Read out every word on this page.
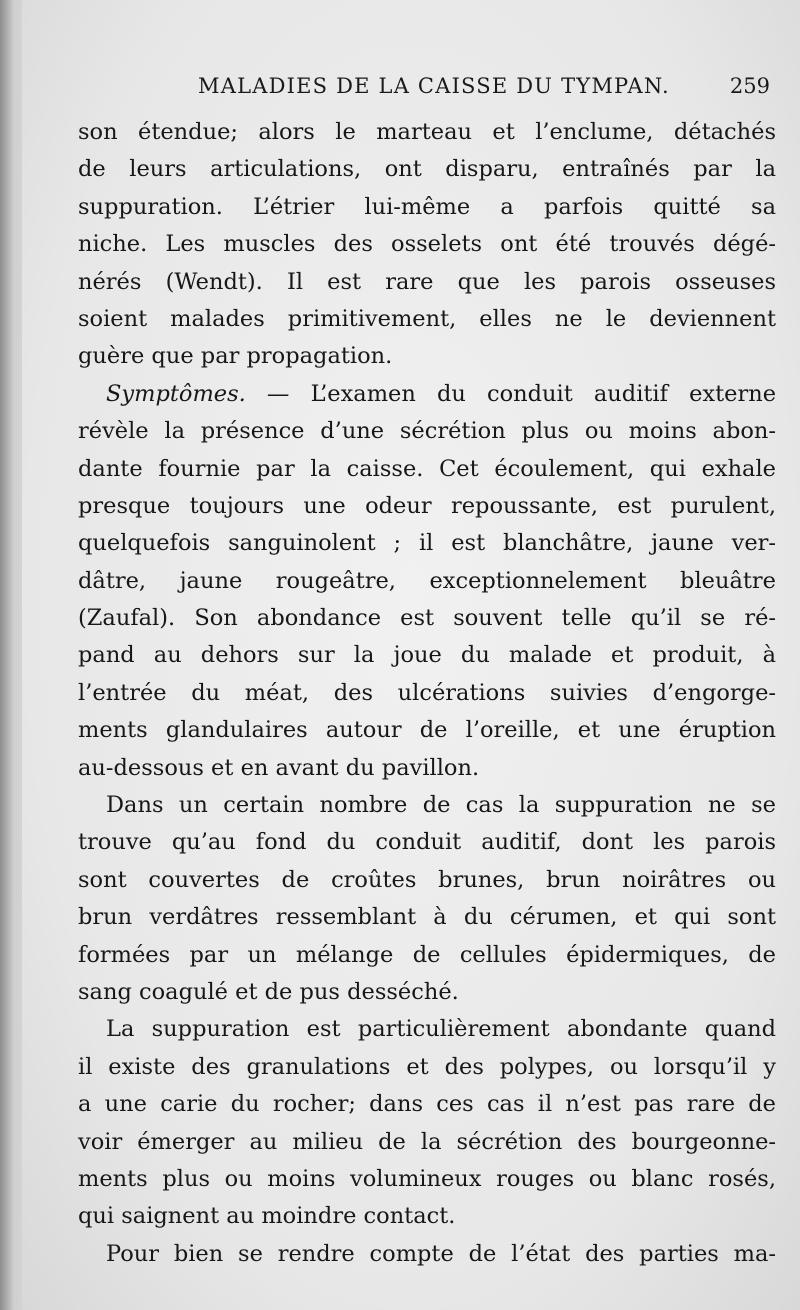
MALADIES DE LA CAISSE DU TYMPAN.	259
son étendue; alors le marteau et l’enclume, détachés
de leurs articulations, ont disparu, entraînés par la
suppuration. L’étrier lui-même a parfois quitté sa
niche. Les muscles des osselets ont été trouvés dégé-
nérés (Wendt). Il est rare que les parois osseuses
soient malades primitivement, elles ne le deviennent
guère que par propagation.
Symptômes. — L’examen du conduit auditif externe
révèle la présence d’une sécrétion plus ou moins abon-
dante fournie par la caisse. Cet écoulement, qui exhale
presque toujours une odeur repoussante, est purulent,
quelquefois sanguinolent ; il est blanchâtre, jaune ver-
dâtre, jaune rougeâtre, exceptionnelement bleuâtre
(Zaufal). Son abondance est souvent telle qu’il se ré-
pand au dehors sur la joue du malade et produit, à
l’entrée du méat, des ulcérations suivies d’engorge-
ments glandulaires autour de l’oreille, et une éruption
au-dessous et en avant du pavillon.
Dans un certain nombre de cas la suppuration ne se
trouve qu’au fond du conduit auditif, dont les parois
sont couvertes de croûtes brunes, brun noirâtres ou
brun verdâtres ressemblant à du cérumen, et qui sont
formées par un mélange de cellules épidermiques, de
sang coagulé et de pus desséché.
La suppuration est particulièrement abondante quand
il existe des granulations et des polypes, ou lorsqu’il y
a une carie du rocher; dans ces cas il n’est pas rare de
voir émerger au milieu de la sécrétion des bourgeonne-
ments plus ou moins volumineux rouges ou blanc rosés,
qui saignent au moindre contact.
Pour bien se rendre compte de l’état des parties ma-
